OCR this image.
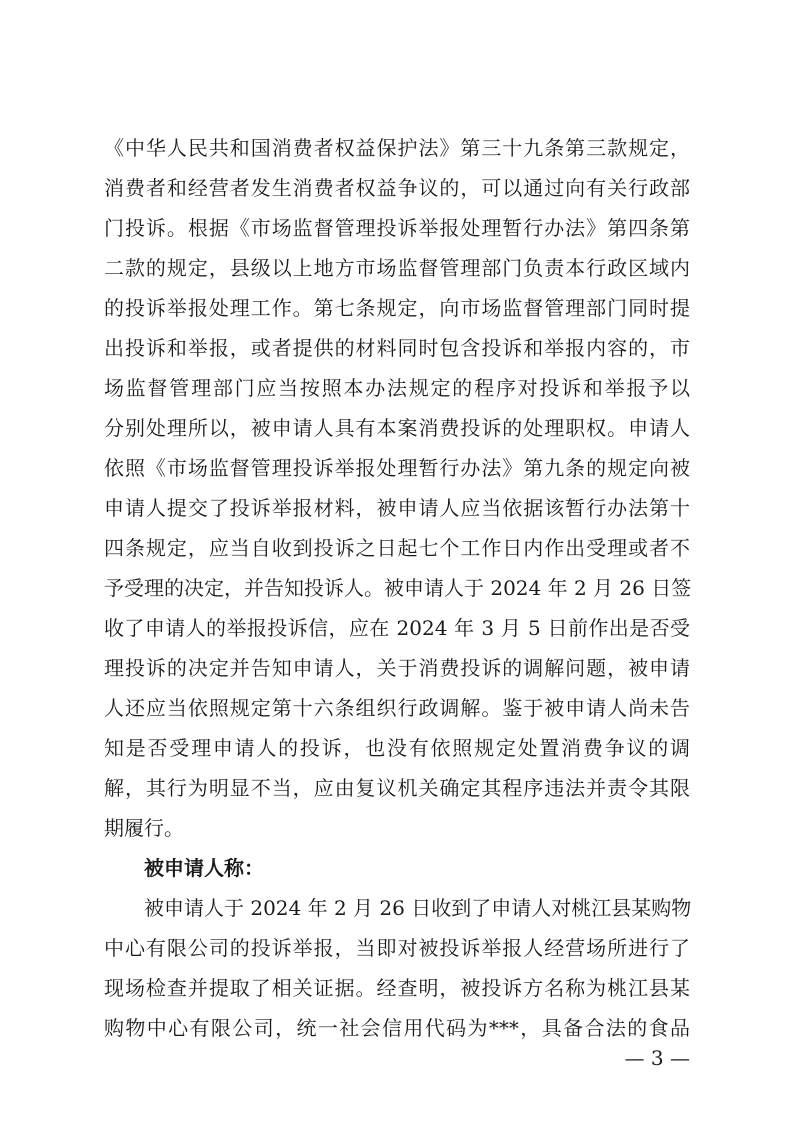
《中华人民共和国消费者权益保护法》第三十九条第三款规定，
消费者和经营者发生消费者权益争议的，可以通过向有关行政部
门投诉。根据《市场监督管理投诉举报处理暂行办法》第四条第
二款的规定，县级以上地方市场监督管理部门负责本行政区域内
的投诉举报处理工作。第七条规定，向市场监督管理部门同时提
出投诉和举报，或者提供的材料同时包含投诉和举报内容的，市
场监督管理部门应当按照本办法规定的程序对投诉和举报予以
分别处理所以，被申请人具有本案消费投诉的处理职权。申请人
依照《市场监督管理投诉举报处理暂行办法》第九条的规定向被
申请人提交了投诉举报材料，被申请人应当依据该暂行办法第十
四条规定，应当自收到投诉之日起七个工作日内作出受理或者不
予受理的决定，并告知投诉人。被申请人于 2024 年 2 月 26 日签
收了申请人的举报投诉信，应在 2024 年 3 月 5 日前作出是否受
理投诉的决定并告知申请人，关于消费投诉的调解问题，被申请
人还应当依照规定第十六条组织行政调解。鉴于被申请人尚未告
知是否受理申请人的投诉，也没有依照规定处置消费争议的调
解，其行为明显不当，应由复议机关确定其程序违法并责令其限
期履行。
被申请人称：
被申请人于 2024 年 2 月 26 日收到了申请人对桃江县某购物
中心有限公司的投诉举报，当即对被投诉举报人经营场所进行了
现场检查并提取了相关证据。经查明，被投诉方名称为桃江县某
购物中心有限公司，统一社会信用代码为***，具备合法的食品
— 3 —
